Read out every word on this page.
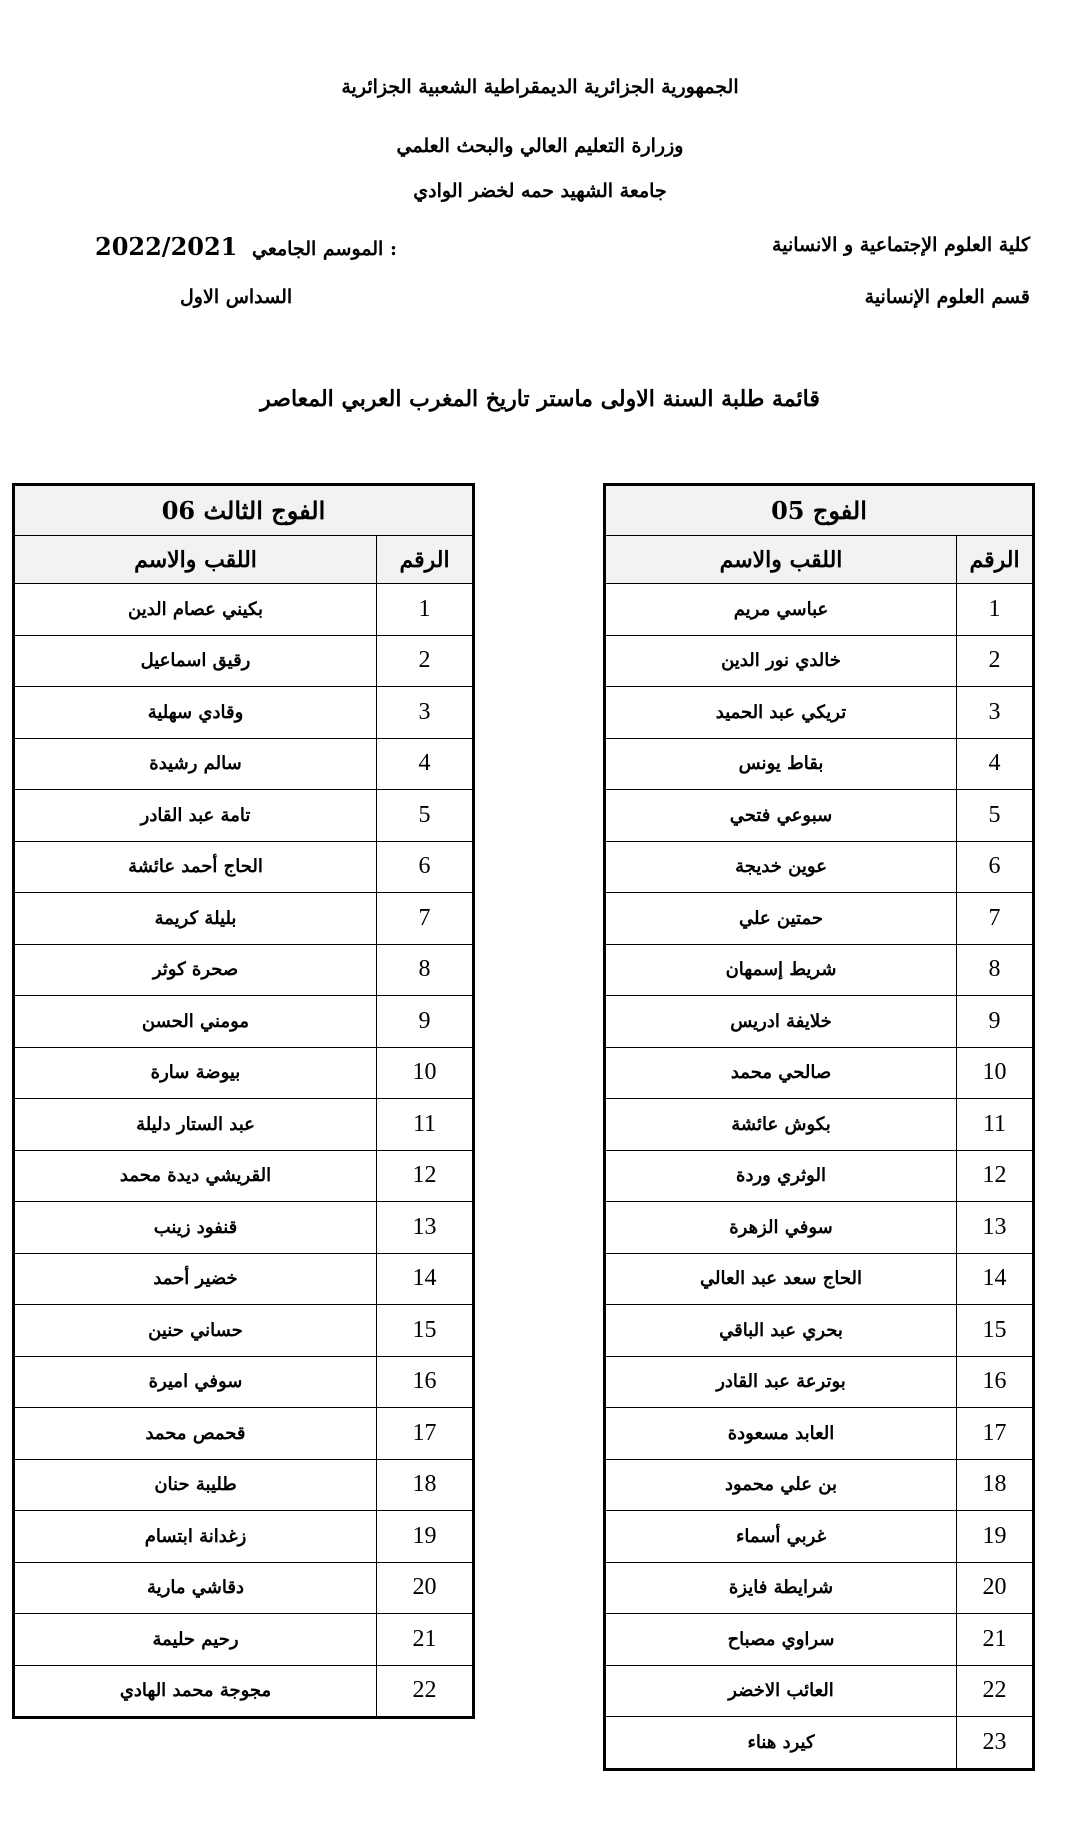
الجمهورية الجزائرية الديمقراطية الشعبية الجزائرية
وزرارة التعليم العالي والبحث العلمي
جامعة الشهيد حمه لخضر الوادي
كلية العلوم الإجتماعية و الانسانية
قسم العلوم الإنسانية
2022/2021 الموسم الجامعي :
السداس الاول
قائمة طلبة السنة الاولى ماستر تاريخ المغرب العربي المعاصر
الفوج 05	
الرقم	اللقب والاسم
1	عباسي مريم
2	خالدي نور الدين
3	تريكي عبد الحميد
4	بقاط يونس
5	سبوعي فتحي
6	عوين خديجة
7	حمتين علي
8	شريط إسمهان
9	خلايفة ادريس
10	صالحي محمد
11	بكوش عائشة
12	الوثري وردة
13	سوفي الزهرة
14	الحاج سعد عبد العالي
15	بحري عبد الباقي
16	بوترعة عبد القادر
17	العابد مسعودة
18	بن علي محمود
19	غربي أسماء
20	شرايطة فايزة
21	سراوي مصباح
22	العائب الاخضر
23	كيرد هناء
الفوج الثالث 06	
الرقم	اللقب والاسم
1	بكيني عصام الدين
2	رقيق اسماعيل
3	وقادي سهلية
4	سالم رشيدة
5	تامة عبد القادر
6	الحاج أحمد عائشة
7	بليلة كريمة
8	صحرة كوثر
9	مومني الحسن
10	بيوضة سارة
11	عبد الستار دليلة
12	القريشي ديدة محمد
13	قنفود زينب
14	خضير أحمد
15	حساني حنين
16	سوفي اميرة
17	قحمص محمد
18	طليبة حنان
19	زغدانة ابتسام
20	دقاشي مارية
21	رحيم حليمة
22	مجوجة محمد الهادي
